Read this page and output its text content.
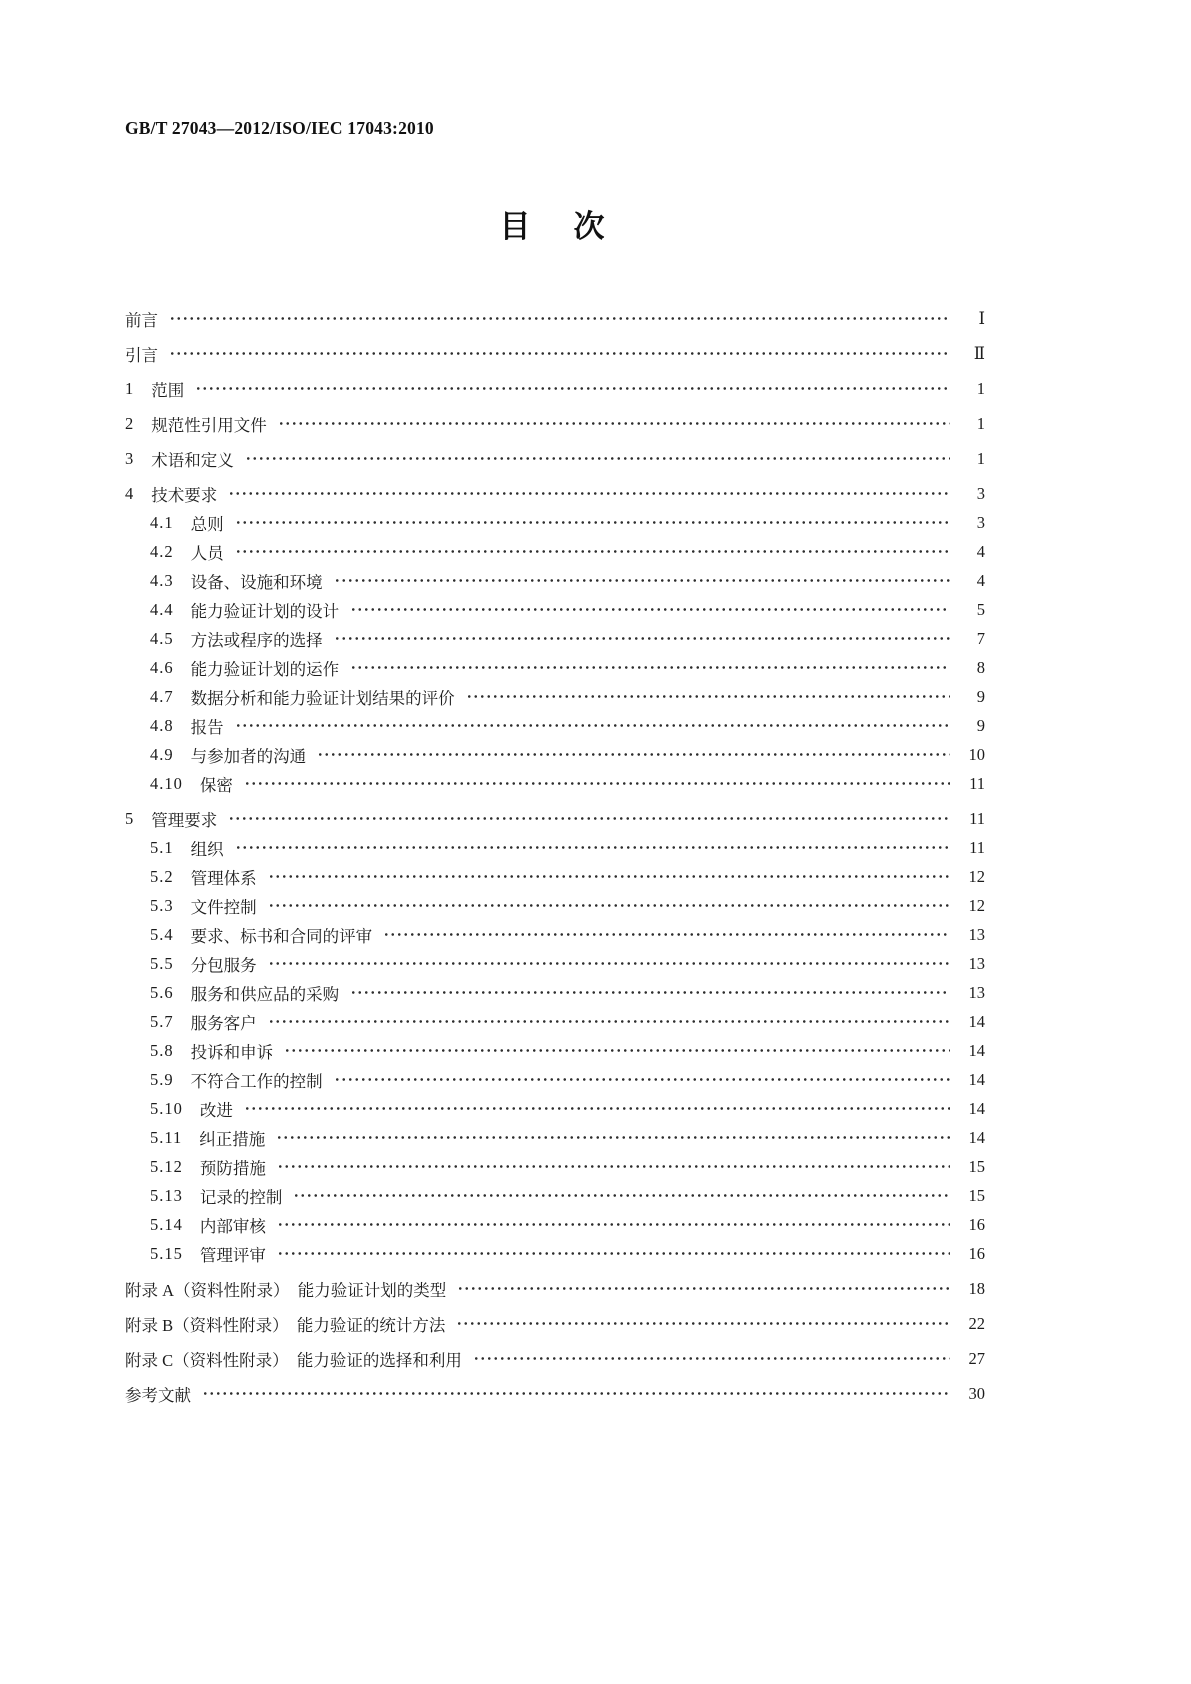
GB/T 27043—2012/ISO/IEC 17043:2010
目　次
前言	Ⅰ
引言	Ⅱ
1 范围	1
2 规范性引用文件	1
3 术语和定义	1
4 技术要求	3
4.1 总则	3
4.2 人员	4
4.3 设备、设施和环境	4
4.4 能力验证计划的设计	5
4.5 方法或程序的选择	7
4.6 能力验证计划的运作	8
4.7 数据分析和能力验证计划结果的评价	9
4.8 报告	9
4.9 与参加者的沟通	10
4.10 保密	11
5 管理要求	11
5.1 组织	11
5.2 管理体系	12
5.3 文件控制	12
5.4 要求、标书和合同的评审	13
5.5 分包服务	13
5.6 服务和供应品的采购	13
5.7 服务客户	14
5.8 投诉和申诉	14
5.9 不符合工作的控制	14
5.10 改进	14
5.11 纠正措施	14
5.12 预防措施	15
5.13 记录的控制	15
5.14 内部审核	16
5.15 管理评审	16
附录 A（资料性附录）　能力验证计划的类型	18
附录 B（资料性附录）　能力验证的统计方法	22
附录 C（资料性附录）　能力验证的选择和利用	27
参考文献	30
